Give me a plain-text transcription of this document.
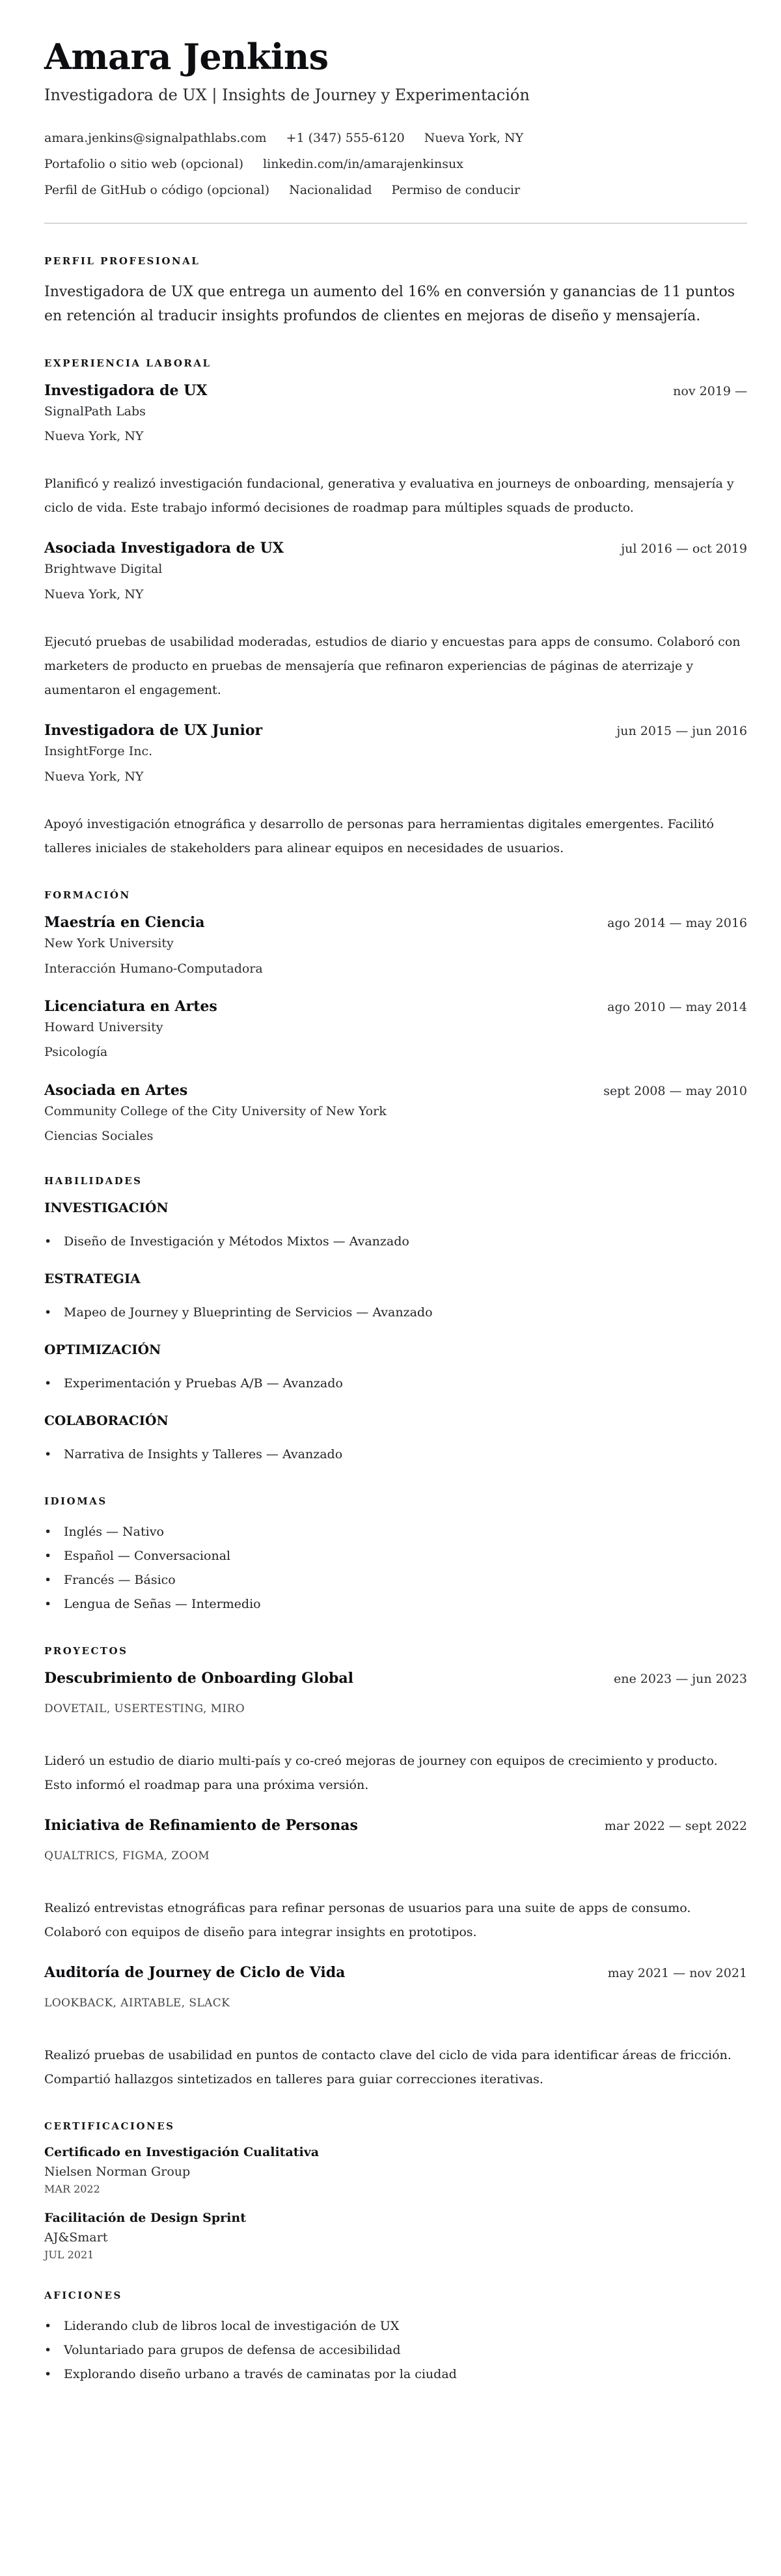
Amara Jenkins
Investigadora de UX | Insights de Journey y Experimentación
amara.jenkins@signalpathlabs.com +1 (347) 555-6120 Nueva York, NY
Portafolio o sitio web (opcional) linkedin.com/in/amarajenkinsux
Perfil de GitHub o código (opcional) Nacionalidad Permiso de conducir
PERFIL PROFESIONAL

Investigadora de UX que entrega un aumento del 16% en conversión y ganancias de 11 puntos en retención al traducir insights profundos de clientes en mejoras de diseño y mensajería.

EXPERIENCIA LABORAL
Investigadora de UX	nov 2019 —
SignalPath Labs
Nueva York, NY
Planificó y realizó investigación fundacional, generativa y evaluativa en journeys de onboarding, mensajería y ciclo de vida. Este trabajo informó decisiones de roadmap para múltiples squads de producto.
Asociada Investigadora de UX	jul 2016 — oct 2019
Brightwave Digital
Nueva York, NY
Ejecutó pruebas de usabilidad moderadas, estudios de diario y encuestas para apps de consumo. Colaboró con marketers de producto en pruebas de mensajería que refinaron experiencias de páginas de aterrizaje y aumentaron el engagement.
Investigadora de UX Junior	jun 2015 — jun 2016
InsightForge Inc.
Nueva York, NY
Apoyó investigación etnográfica y desarrollo de personas para herramientas digitales emergentes. Facilitó talleres iniciales de stakeholders para alinear equipos en necesidades de usuarios.
FORMACIÓN
Maestría en Ciencia	ago 2014 — may 2016
New York University
Interacción Humano-Computadora
Licenciatura en Artes	ago 2010 — may 2014
Howard University
Psicología
Asociada en Artes	sept 2008 — may 2010
Community College of the City University of New York
Ciencias Sociales
HABILIDADES
INVESTIGACIÓN
• Diseño de Investigación y Métodos Mixtos — Avanzado
ESTRATEGIA
• Mapeo de Journey y Blueprinting de Servicios — Avanzado
OPTIMIZACIÓN
• Experimentación y Pruebas A/B — Avanzado
COLABORACIÓN
• Narrativa de Insights y Talleres — Avanzado
IDIOMAS
• Inglés — Nativo
• Español — Conversacional
• Francés — Básico
• Lengua de Señas — Intermedio
PROYECTOS
Descubrimiento de Onboarding Global	ene 2023 — jun 2023
DOVETAIL, USERTESTING, MIRO
Lideró un estudio de diario multi-país y co-creó mejoras de journey con equipos de crecimiento y producto. Esto informó el roadmap para una próxima versión.
Iniciativa de Refinamiento de Personas	mar 2022 — sept 2022
QUALTRICS, FIGMA, ZOOM
Realizó entrevistas etnográficas para refinar personas de usuarios para una suite de apps de consumo. Colaboró con equipos de diseño para integrar insights en prototipos.
Auditoría de Journey de Ciclo de Vida	may 2021 — nov 2021
LOOKBACK, AIRTABLE, SLACK
Realizó pruebas de usabilidad en puntos de contacto clave del ciclo de vida para identificar áreas de fricción. Compartió hallazgos sintetizados en talleres para guiar correcciones iterativas.
CERTIFICACIONES
Certificado en Investigación Cualitativa
Nielsen Norman Group
MAR 2022
Facilitación de Design Sprint
AJ&Smart
JUL 2021
AFICIONES
• Liderando club de libros local de investigación de UX
• Voluntariado para grupos de defensa de accesibilidad
• Explorando diseño urbano a través de caminatas por la ciudad
